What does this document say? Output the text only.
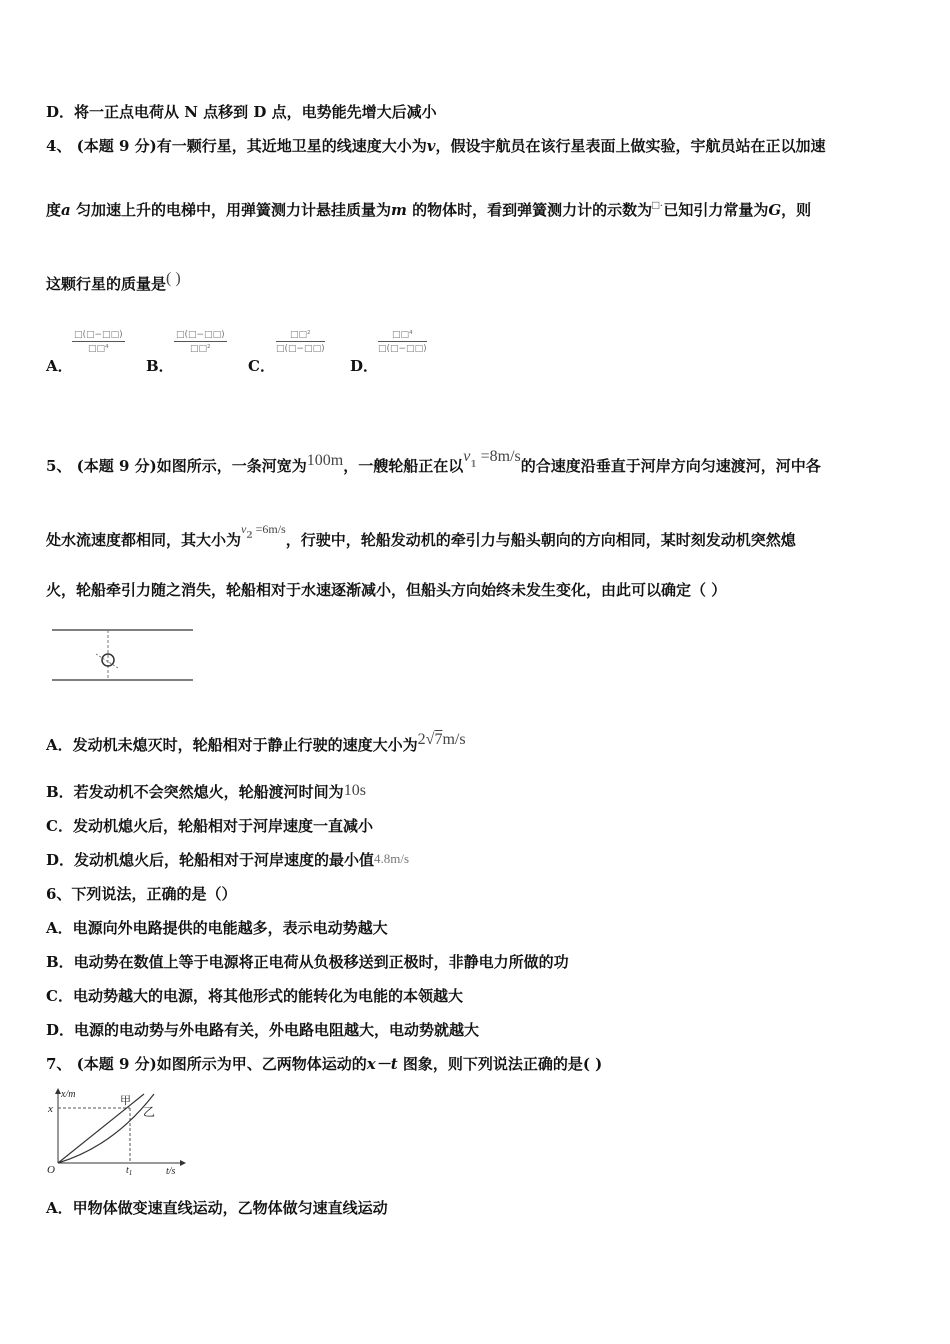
D．将一正点电荷从 N 点移到 D 点，电势能先增大后减小
4、 (本题 9 分)有一颗行星，其近地卫星的线速度大小为v，假设宇航员在该行星表面上做实验，宇航员站在正以加速
度a 匀加速上升的电梯中，用弹簧测力计悬挂质量为m 的物体时，看到弹簧测力计的示数为□·已知引力常量为G，则
这颗行星的质量是( )
A．
□(□−□□)
□□⁴
B．
□(□−□□)
□□²
C．
□□²
□(□−□□)
D．
□□⁴
□(□−□□)
5、 (本题 9 分)如图所示，一条河宽为100m，一艘轮船正在以$v^1 =8m/s$的合速度沿垂直于河岸方向匀速渡河，河中各
处水流速度都相同，其大小为$^{v2}$ $^{=6m/s}$，行驶中，轮船发动机的牵引力与船头朝向的方向相同，某时刻发动机突然熄
火，轮船牵引力随之消失，轮船相对于水速逐渐减小，但船头方向始终未发生变化，由此可以确定（ ）
A．发动机未熄灭时，轮船相对于静止行驶的速度大小为2√7m/s
B．若发动机不会突然熄火，轮船渡河时间为10s
C．发动机熄火后，轮船相对于河岸速度一直减小
D．发动机熄火后，轮船相对于河岸速度的最小值4.8m/s
6、下列说法，正确的是（）
A．电源向外电路提供的电能越多，表示电动势越大
B．电动势在数值上等于电源将正电荷从负极移送到正极时，非静电力所做的功
C．电动势越大的电源，将其他形式的能转化为电能的本领越大
D．电源的电动势与外电路有关，外电路电阻越大，电动势就越大
7、 (本题 9 分)如图所示为甲、乙两物体运动的x－t 图象，则下列说法正确的是( )
x/m
t/s
O
x
$t_1$
甲
乙
A．甲物体做变速直线运动，乙物体做匀速直线运动
